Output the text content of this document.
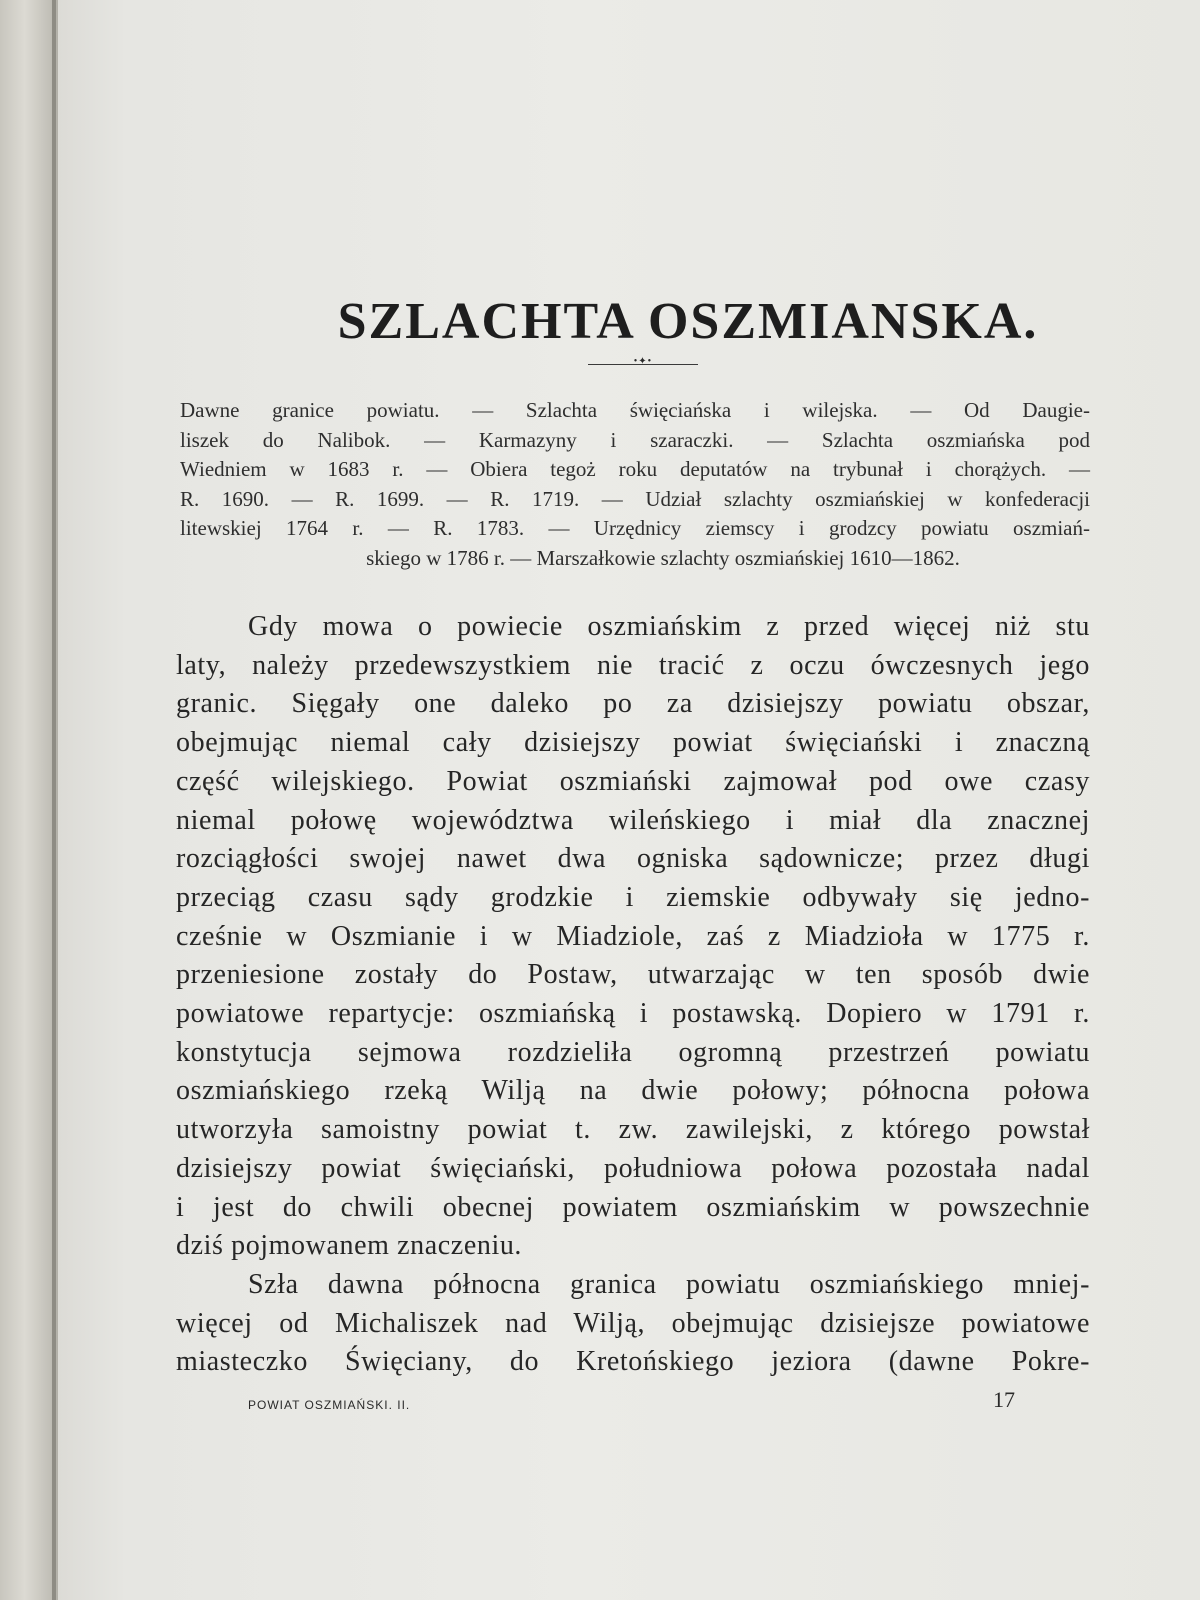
SZLACHTA OSZMIANSKA.
•✦•
Dawne granice powiatu. — Szlachta święciańska i wilejska. — Od Daugie-
liszek do Nalibok. — Karmazyny i szaraczki. — Szlachta oszmiańska pod
Wiedniem w 1683 r. — Obiera tegoż roku deputatów na trybunał i chorążych. —
R. 1690. — R. 1699. — R. 1719. — Udział szlachty oszmiańskiej w konfederacji
litewskiej 1764 r. — R. 1783. — Urzędnicy ziemscy i grodzcy powiatu oszmiań-
skiego w 1786 r. — Marszałkowie szlachty oszmiańskiej 1610—1862.
Gdy mowa o powiecie oszmiańskim z przed więcej niż stu
laty, należy przedewszystkiem nie tracić z oczu ówczesnych jego
granic. Sięgały one daleko po za dzisiejszy powiatu obszar,
obejmując niemal cały dzisiejszy powiat święciański i znaczną
część wilejskiego. Powiat oszmiański zajmował pod owe czasy
niemal połowę województwa wileńskiego i miał dla znacznej
rozciągłości swojej nawet dwa ogniska sądownicze; przez długi
przeciąg czasu sądy grodzkie i ziemskie odbywały się jedno-
cześnie w Oszmianie i w Miadziole, zaś z Miadzioła w 1775 r.
przeniesione zostały do Postaw, utwarzając w ten sposób dwie
powiatowe repartycje: oszmiańską i postawską. Dopiero w 1791 r.
konstytucja sejmowa rozdzieliła ogromną przestrzeń powiatu
oszmiańskiego rzeką Wilją na dwie połowy; północna połowa
utworzyła samoistny powiat t. zw. zawilejski, z którego powstał
dzisiejszy powiat święciański, południowa połowa pozostała nadal
i jest do chwili obecnej powiatem oszmiańskim w powszechnie
dziś pojmowanem znaczeniu.
Szła dawna północna granica powiatu oszmiańskiego mniej-
więcej od Michaliszek nad Wilją, obejmując dzisiejsze powiatowe
miasteczko Święciany, do Kretońskiego jeziora (dawne Pokre-
POWIAT OSZMIAŃSKI. II.	17
